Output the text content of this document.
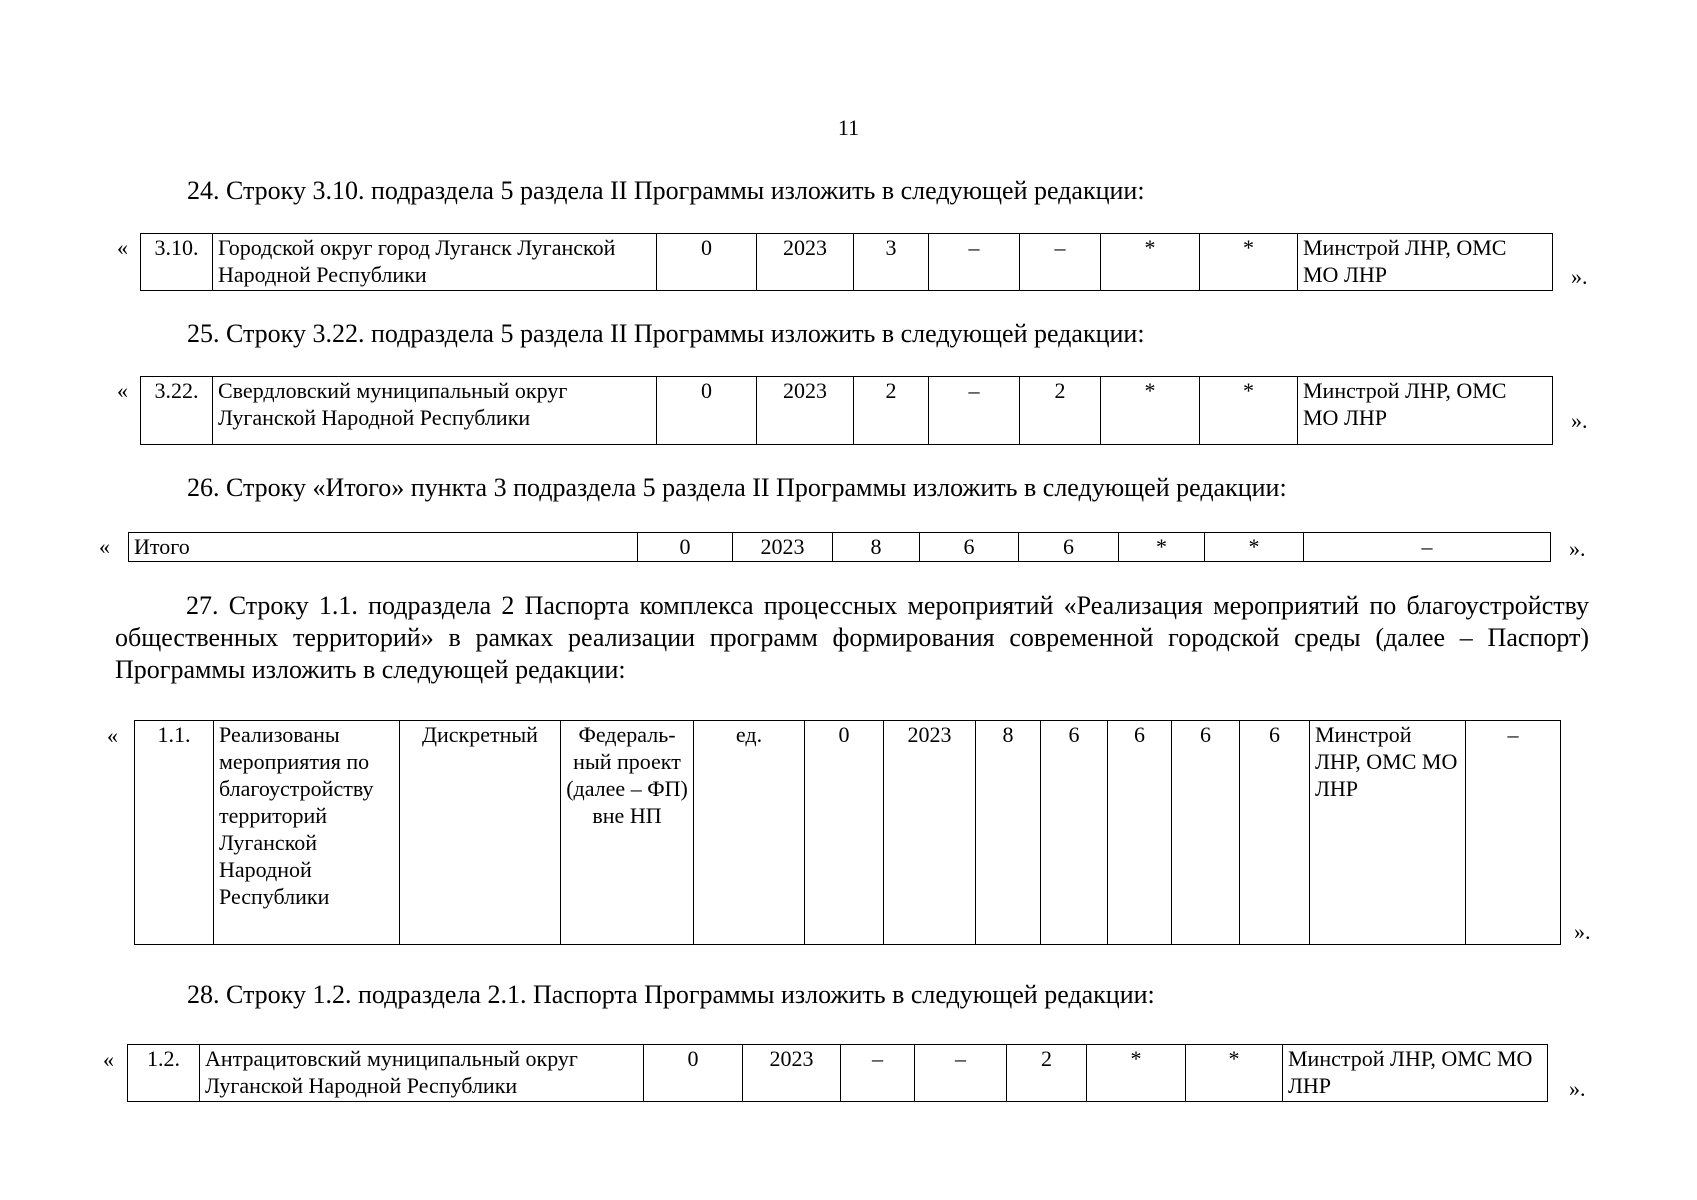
11
24. Строку 3.10. подраздела 5 раздела II Программы изложить в следующей редакции:
« 3.10.	Городской округ город Луганск Луганской Народной Республики	0	2023	3	–	–	*	*	Минстрой ЛНР, ОМС МО ЛНР	».
25. Строку 3.22. подраздела 5 раздела II Программы изложить в следующей редакции:
« 3.22.	Свердловский муниципальный округ Луганской Народной Республики	0	2023	2	–	2	*	*	Минстрой ЛНР, ОМС МО ЛНР	».
26. Строку «Итого» пункта 3 подраздела 5 раздела II Программы изложить в следующей редакции:
« Итого	0	2023	8	6	6	*	*	–	».
27. Строку 1.1. подраздела 2 Паспорта комплекса процессных мероприятий «Реализация мероприятий по благоустройству общественных территорий» в рамках реализации программ формирования современной городской среды (далее – Паспорт) Программы изложить в следующей редакции:
« 1.1.	Реализованы мероприятия по благоустройству территорий Луганской Народной Республики	Дискретный	Федераль-ный проект (далее – ФП) вне НП	ед.	0	2023	8	6	6	6	6	Минстрой ЛНР, ОМС МО ЛНР	–
».
28. Строку 1.2. подраздела 2.1. Паспорта Программы изложить в следующей редакции:
« 1.2.	Антрацитовский муниципальный округ Луганской Народной Республики	0	2023	–	–	2	*	*	Минстрой ЛНР, ОМС МО ЛНР	».
